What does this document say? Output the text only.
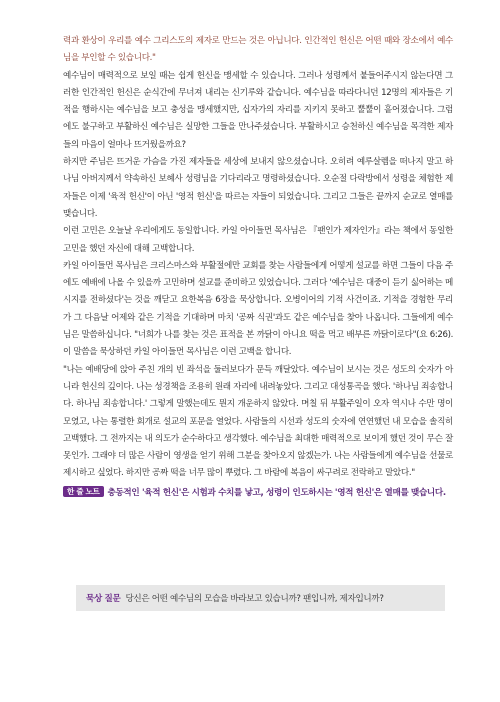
력과 환상이 우리를 예수 그리스도의 제자로 만드는 것은 아닙니다. 인간적인 헌신은 어떤 때와 장소에서 예수님을 부인할 수 있습니다."

예수님이 매력적으로 보일 때는 쉽게 헌신을 맹세할 수 있습니다. 그러나 성령께서 붙들어주시지 않는다면 그러한 인간적인 헌신은 순식간에 무너져 내리는 신기루와 같습니다. 예수님을 따라다니던 12명의 제자들은 기적을 행하시는 예수님을 보고 충성을 맹세했지만, 십자가의 자리를 지키지 못하고 뿔뿔이 흩어졌습니다. 그럼에도 불구하고 부활하신 예수님은 실망한 그들을 만나주셨습니다. 부활하시고 승천하신 예수님을 목격한 제자들의 마음이 얼마나 뜨거웠을까요?

하지만 주님은 뜨거운 가슴을 가진 제자들을 세상에 보내지 않으셨습니다. 오히려 예루살렘을 떠나지 말고 하나님 아버지께서 약속하신 보혜사 성령님을 기다리라고 명령하셨습니다. 오순절 다락방에서 성령을 체험한 제자들은 이제 '육적 헌신'이 아닌 '영적 헌신'을 따르는 자들이 되었습니다. 그리고 그들은 끝까지 순교로 열매를 맺습니다.

이런 고민은 오늘날 우리에게도 동일합니다. 카일 아이들먼 목사님은 『팬인가 제자인가』라는 책에서 동일한 고민을 했던 자신에 대해 고백합니다.

카일 아이들먼 목사님은 크리스마스와 부활절에만 교회를 찾는 사람들에게 어떻게 설교를 하면 그들이 다음 주에도 예배에 나올 수 있을까 고민하며 설교를 준비하고 있었습니다. 그러다 '예수님은 대중이 듣기 싫어하는 메시지를 전하셨다'는 것을 깨닫고 요한복음 6장을 묵상합니다. 오병이어의 기적 사건이죠. 기적을 경험한 무리가 그 다음날 어제와 같은 기적을 기대하며 마치 '공짜 식권'과도 같은 예수님을 찾아 나옵니다. 그들에게 예수님은 말씀하십니다. "너희가 나를 찾는 것은 표적을 본 까닭이 아니요 떡을 먹고 배부른 까닭이로다"(요 6:26). 이 말씀을 묵상하던 카일 아이들먼 목사님은 이런 고백을 합니다.

"나는 예배당에 앉아 주친 개의 빈 좌석을 둘러보다가 문득 깨달았다. 예수님이 보시는 것은 성도의 숫자가 아니라 헌신의 깊이다. 나는 성경책을 조용히 원래 자리에 내려놓았다. 그리고 대성통곡을 했다. '하나님 죄송합니다. 하나님 죄송합니다.' 그렇게 말했는데도 뭔지 개운하지 않았다. 며칠 뒤 부활주일이 오자 역시나 수만 명이 모였고, 나는 통렬한 회개로 설교의 포문을 열었다. 사람들의 시선과 성도의 숫자에 연연했던 내 모습을 솔직히 고백했다. 그 전까지는 내 의도가 순수하다고 생각했다. 예수님을 최대한 매력적으로 보이게 했던 것이 무슨 잘못인가. 그래야 더 많은 사람이 영생을 얻기 위해 그분을 찾아오지 않겠는가. 나는 사람들에게 예수님을 선물로 제시하고 싶었다. 하지만 공짜 떡을 너무 많이 뿌렸다. 그 바람에 복음이 싸구려로 전락하고 말았다."

한 줄 노트 충동적인 '육적 헌신'은 시험과 수치를 낳고, 성령이 인도하시는 '영적 헌신'은 열매를 맺습니다.
묵상 질문 당신은 어떤 예수님의 모습을 바라보고 있습니까? 팬입니까, 제자입니까?
